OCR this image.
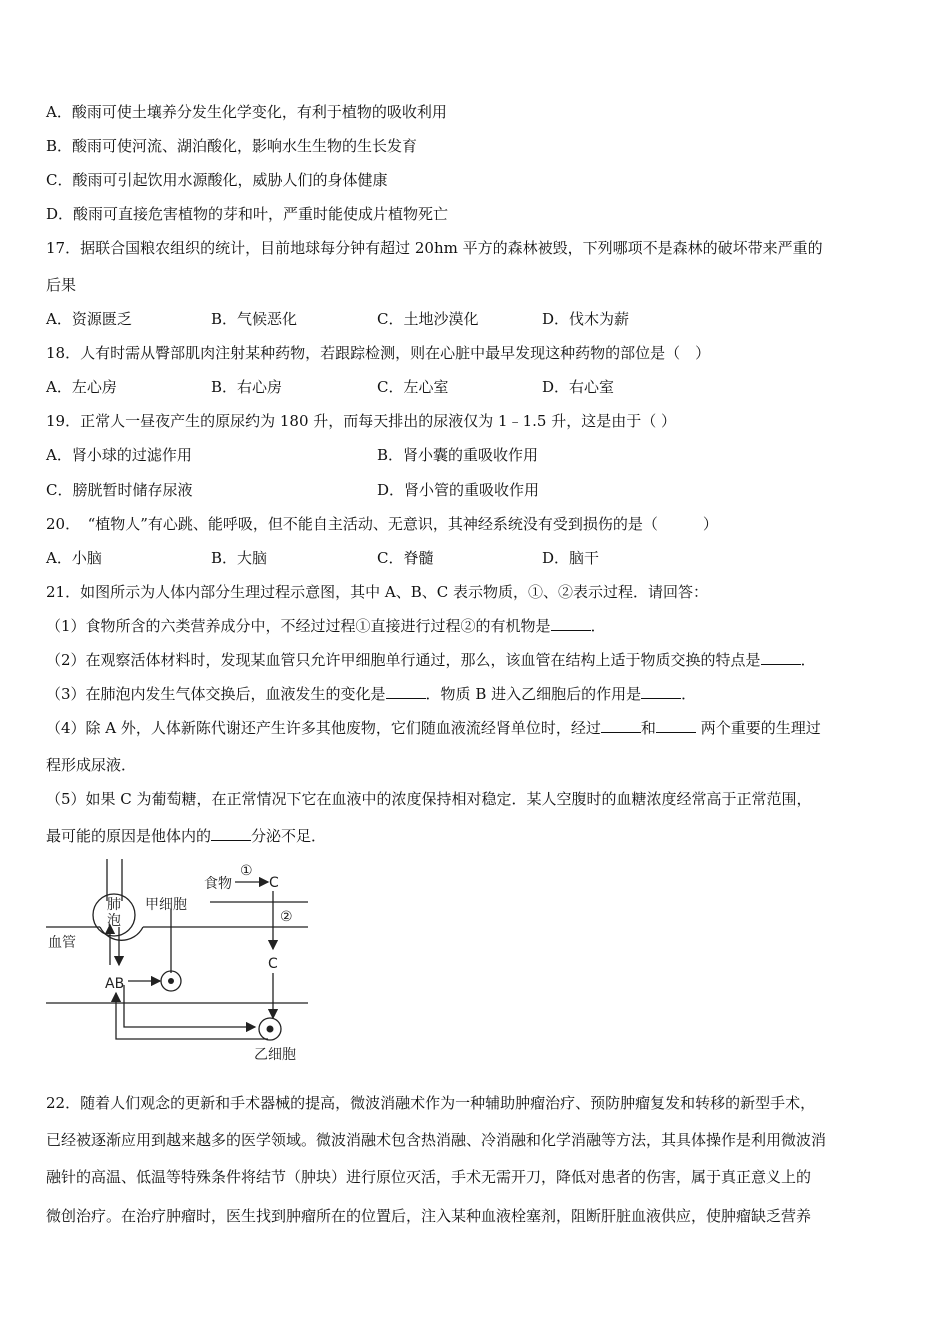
A．酸雨可使土壤养分发生化学变化，有利于植物的吸收利用
B．酸雨可使河流、湖泊酸化，影响水生生物的生长发育
C．酸雨可引起饮用水源酸化，威胁人们的身体健康
D．酸雨可直接危害植物的芽和叶，严重时能使成片植物死亡
17．据联合国粮农组织的统计，目前地球每分钟有超过 20hm 平方的森林被毁，下列哪项不是森林的破坏带来严重的
后果
A．资源匮乏	B．气候恶化	C．土地沙漠化	D．伐木为薪
18．人有时需从臀部肌肉注射某种药物，若跟踪检测，则在心脏中最早发现这种药物的部位是（　）
A．左心房	B．右心房	C．左心室	D．右心室
19．正常人一昼夜产生的原尿约为 180 升，而每天排出的尿液仅为 1﹣1.5 升，这是由于（ ）
A．肾小球的过滤作用	B．肾小囊的重吸收作用
C．膀胱暂时储存尿液	D．肾小管的重吸收作用
20．　“植物人”有心跳、能呼吸，但不能自主活动、无意识，其神经系统没有受到损伤的是（　　　）
A．小脑	B．大脑	C．脊髓	D．脑干
21．如图所示为人体内部分生理过程示意图，其中 A、B、C 表示物质，①、②表示过程．请回答：
（1）食物所含的六类营养成分中，不经过过程①直接进行过程②的有机物是	．
（2）在观察活体材料时，发现某血管只允许甲细胞单行通过，那么，该血管在结构上适于物质交换的特点是	．
（3）在肺泡内发生气体交换后，血液发生的变化是	．物质 B 进入乙细胞后的作用是	．
（4）除 A 外，人体新陈代谢还产生许多其他废物，它们随血液流经肾单位时，经过	和	两个重要的生理过
程形成尿液．
（5）如果 C 为葡萄糖，在正常情况下它在血液中的浓度保持相对稳定．某人空腹时的血糖浓度经常高于正常范围，
最可能的原因是他体内的	分泌不足．
肺
泡
甲细胞
食物
①
②
C
C
血管
AB
乙细胞
22．随着人们观念的更新和手术器械的提高，微波消融术作为一种辅助肿瘤治疗、预防肿瘤复发和转移的新型手术，
已经被逐渐应用到越来越多的医学领域。微波消融术包含热消融、冷消融和化学消融等方法，其具体操作是利用微波消
融针的高温、低温等特殊条件将结节（肿块）进行原位灭活，手术无需开刀，降低对患者的伤害，属于真正意义上的
微创治疗。在治疗肿瘤时，医生找到肿瘤所在的位置后，注入某种血液栓塞剂，阻断肝脏血液供应，使肿瘤缺乏营养
